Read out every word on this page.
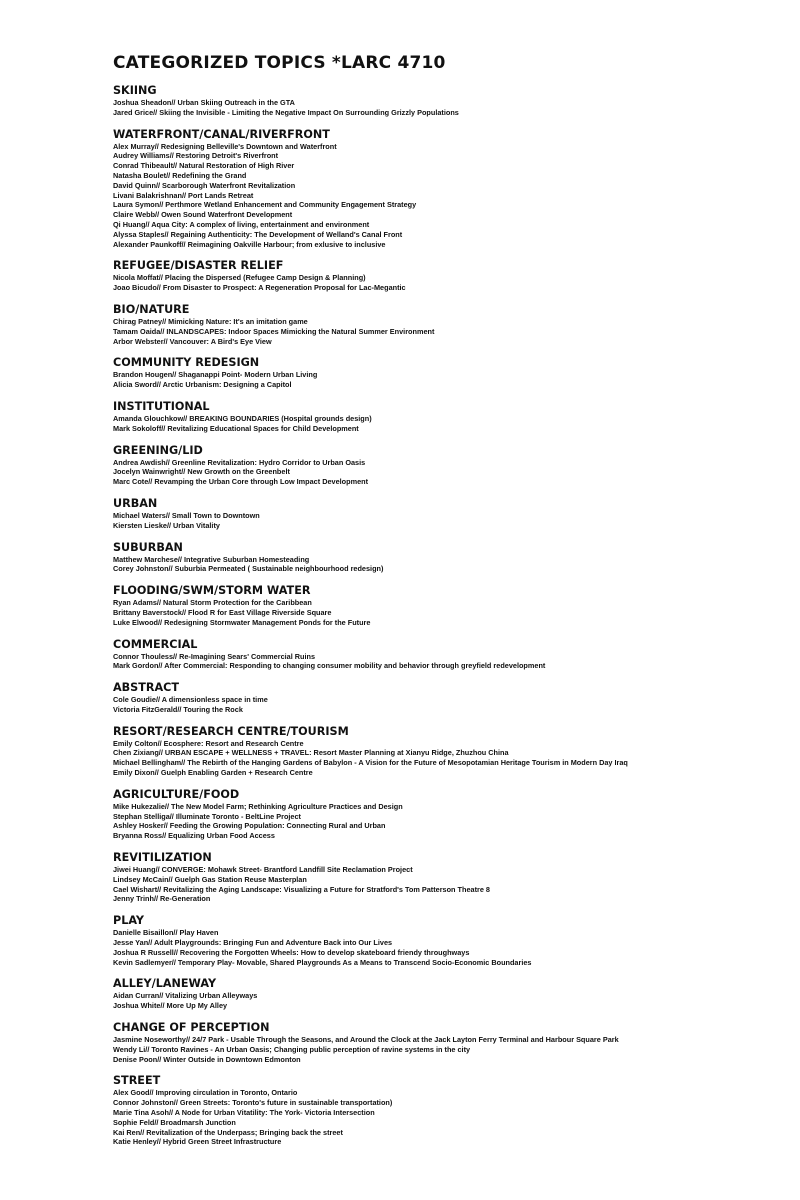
CATEGORIZED TOPICS *LARC 4710
SKIING
Joshua Sheadon// Urban Skiing Outreach in the GTA
Jared Grice// Skiing the Invisible - Limiting the Negative Impact On Surrounding Grizzly Populations
WATERFRONT/CANAL/RIVERFRONT
Alex Murray// Redesigning Belleville's Downtown and Waterfront
Audrey Williams// Restoring Detroit's Riverfront
Conrad Thibeault// Natural Restoration of High River
Natasha Boulet// Redefining the Grand
David Quinn// Scarborough Waterfront Revitalization
Livani Balakrishnan// Port Lands Retreat
Laura Symon// Perthmore Wetland Enhancement and Community Engagement Strategy
Claire Webb// Owen Sound Waterfront Development
Qi Huang// Aqua City: A complex of living, entertainment and environment
Alyssa Staples// Regaining Authenticity: The Development of Welland's Canal Front
Alexander Paunkoff// Reimagining Oakville Harbour; from exlusive to inclusive
REFUGEE/DISASTER RELIEF
Nicola Moffat// Placing the Dispersed (Refugee Camp Design & Planning)
Joao Bicudo// From Disaster to Prospect: A Regeneration Proposal for Lac-Megantic
BIO/NATURE
Chirag Patney// Mimicking Nature: It's an imitation game
Tamam Oaida// INLANDSCAPES: Indoor Spaces Mimicking the Natural Summer Environment
Arbor Webster// Vancouver: A Bird's Eye View
COMMUNITY REDESIGN
Brandon Hougen// Shaganappi Point- Modern Urban Living
Alicia Sword// Arctic Urbanism: Designing a Capitol
INSTITUTIONAL
Amanda Glouchkow// BREAKING BOUNDARIES (Hospital grounds design)
Mark Sokoloff// Revitalizing Educational Spaces for Child Development
GREENING/LID
Andrea Awdish// Greenline Revitalization: Hydro Corridor to Urban Oasis
Jocelyn Wainwright// New Growth on the Greenbelt
Marc Cote// Revamping the Urban Core through Low Impact Development
URBAN
Michael Waters// Small Town to Downtown
Kiersten Lieske// Urban Vitality
SUBURBAN
Matthew Marchese// Integrative Suburban Homesteading
Corey Johnston// Suburbia Permeated ( Sustainable neighbourhood redesign)
FLOODING/SWM/STORM WATER
Ryan Adams// Natural Storm Protection for the Caribbean
Brittany Baverstock// Flood R for East Village Riverside Square
Luke Elwood// Redesigning Stormwater Management Ponds for the Future
COMMERCIAL
Connor Thouless// Re-Imagining Sears' Commercial Ruins
Mark Gordon// After Commercial: Responding to changing consumer mobility and behavior through greyfield redevelopment
ABSTRACT
Cole Goudie// A dimensionless space in time
Victoria FitzGerald// Touring the Rock
RESORT/RESEARCH CENTRE/TOURISM
Emily Colton// Ecosphere: Resort and Research Centre
Chen Zixiang// URBAN ESCAPE + WELLNESS + TRAVEL: Resort Master Planning at Xianyu Ridge, Zhuzhou China
Michael Bellingham// The Rebirth of the Hanging Gardens of Babylon - A Vision for the Future of Mesopotamian Heritage Tourism in Modern Day Iraq
Emily Dixon// Guelph Enabling Garden + Research Centre
AGRICULTURE/FOOD
Mike Hukezalie// The New Model Farm; Rethinking Agriculture Practices and Design
Stephan Stelliga// Illuminate Toronto - BeltLine Project
Ashley Hosker// Feeding the Growing Population: Connecting Rural and Urban
Bryanna Ross// Equalizing Urban Food Access
REVITILIZATION
Jiwei Huang// CONVERGE: Mohawk Street- Brantford Landfill Site Reclamation Project
Lindsey McCain// Guelph Gas Station Reuse Masterplan
Cael Wishart// Revitalizing the Aging Landscape: Visualizing a Future for Stratford's Tom Patterson Theatre 8
Jenny Trinh// Re-Generation
PLAY
Danielle Bisaillon// Play Haven
Jesse Yan// Adult Playgrounds: Bringing Fun and Adventure Back into Our Lives
Joshua R Russell// Recovering the Forgotten Wheels: How to develop skateboard friendy throughways
Kevin Sadlemyer// Temporary Play- Movable, Shared Playgrounds As a Means to Transcend Socio-Economic Boundaries
ALLEY/LANEWAY
Aidan Curran// Vitalizing Urban Alleyways
Joshua White// More Up My Alley
CHANGE OF PERCEPTION
Jasmine Noseworthy// 24/7 Park - Usable Through the Seasons, and Around the Clock at the Jack Layton Ferry Terminal and Harbour Square Park
Wendy Li// Toronto Ravines - An Urban Oasis; Changing public perception of ravine systems in the city
Denise Poon// Winter Outside in Downtown Edmonton
STREET
Alex Good// Improving circulation in Toronto, Ontario
Connor Johnston// Green Streets: Toronto's future in sustainable transportation)
Marie Tina Asoh// A Node for Urban Vitatility: The York- Victoria Intersection
Sophie Feld// Broadmarsh Junction
Kai Ren// Revitalization of the Underpass; Bringing back the street
Katie Henley// Hybrid Green Street Infrastructure
